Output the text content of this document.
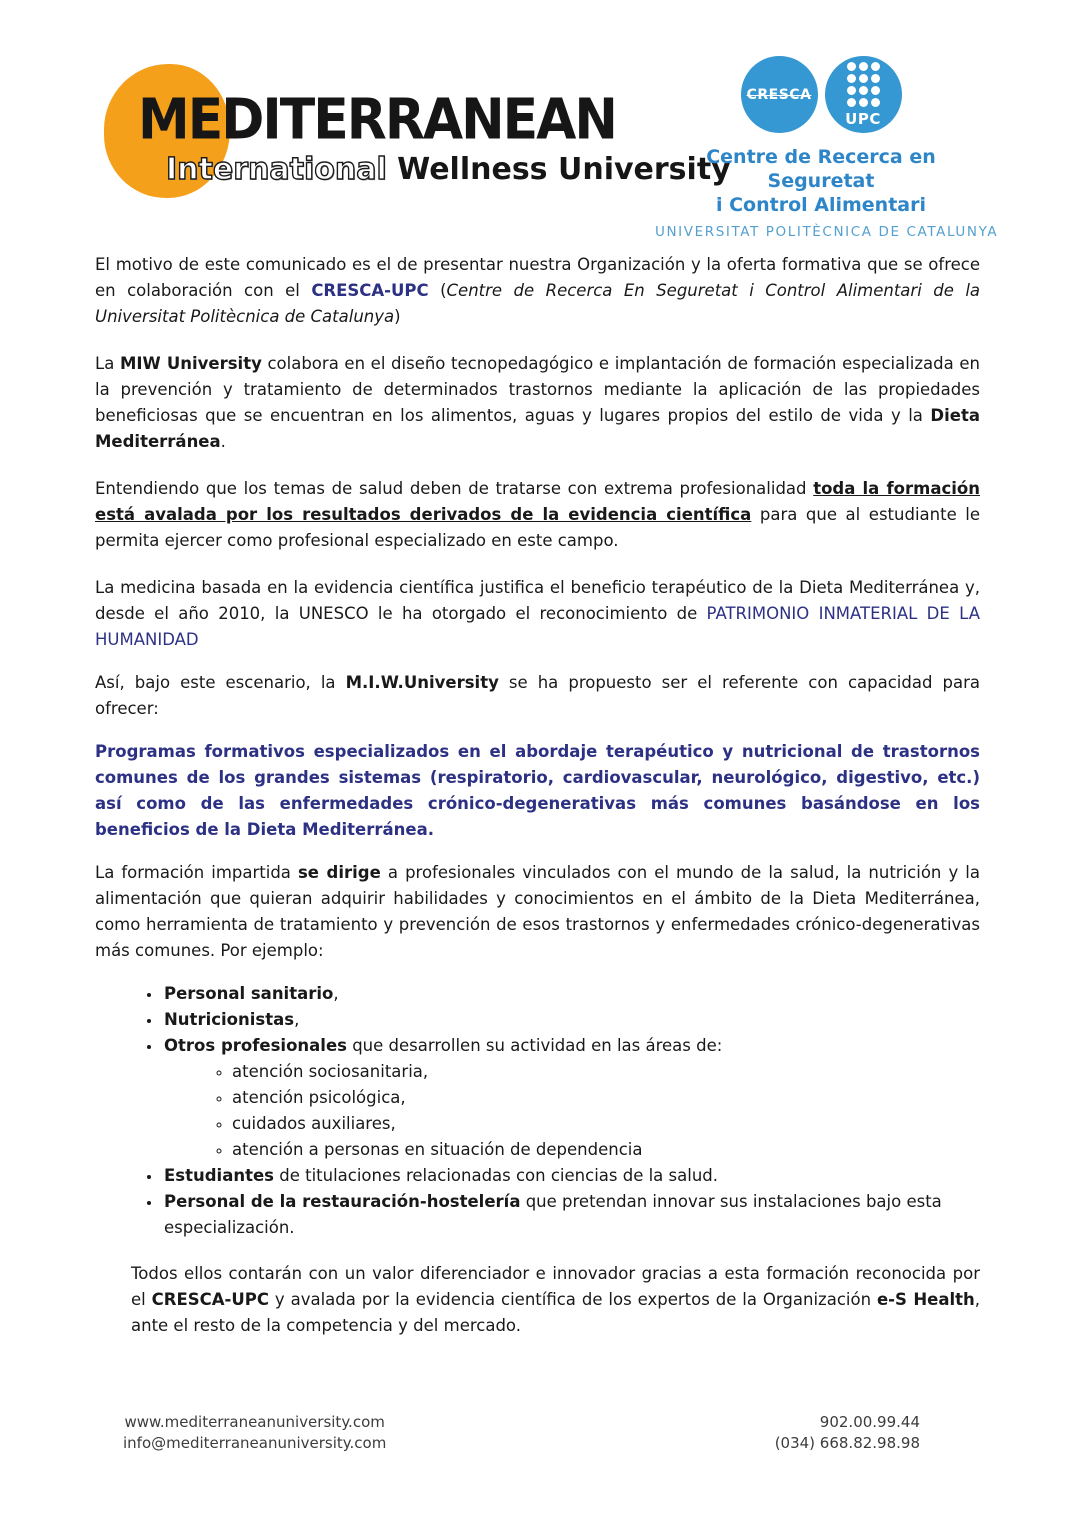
MEDITERRANEAN
International Wellness University
CRESCA
UPC
Centre de Recerca en Seguretat
i Control Alimentari
UNIVERSITAT POLITÈCNICA DE CATALUNYA

El motivo de este comunicado es el de presentar nuestra Organización y la oferta formativa que se ofrece en colaboración con el CRESCA-UPC (Centre de Recerca En Seguretat i Control Alimentari de la Universitat Politècnica de Catalunya)

La MIW University colabora en el diseño tecnopedagógico e implantación de formación especializada en la prevención y tratamiento de determinados trastornos mediante la aplicación de las propiedades beneficiosas que se encuentran en los alimentos, aguas y lugares propios del estilo de vida y la Dieta Mediterránea.

Entendiendo que los temas de salud deben de tratarse con extrema profesionalidad toda la formación está avalada por los resultados derivados de la evidencia científica para que al estudiante le permita ejercer como profesional especializado en este campo.

La medicina basada en la evidencia científica justifica el beneficio terapéutico de la Dieta Mediterránea y, desde el año 2010, la UNESCO le ha otorgado el reconocimiento de PATRIMONIO INMATERIAL DE LA HUMANIDAD

Así, bajo este escenario, la M.I.W.University se ha propuesto ser el referente con capacidad para ofrecer:

Programas formativos especializados en el abordaje terapéutico y nutricional de trastornos comunes de los grandes sistemas (respiratorio, cardiovascular, neurológico, digestivo, etc.) así como de las enfermedades crónico-degenerativas más comunes basándose en los beneficios de la Dieta Mediterránea.

La formación impartida se dirige a profesionales vinculados con el mundo de la salud, la nutrición y la alimentación que quieran adquirir habilidades y conocimientos en el ámbito de la Dieta Mediterránea, como herramienta de tratamiento y prevención de esos trastornos y enfermedades crónico-degenerativas más comunes. Por ejemplo:

• Personal sanitario,
• Nutricionistas,
• Otros profesionales que desarrollen su actividad en las áreas de:
◦ atención sociosanitaria,
◦ atención psicológica,
◦ cuidados auxiliares,
◦ atención a personas en situación de dependencia
• Estudiantes de titulaciones relacionadas con ciencias de la salud.
• Personal de la restauración-hostelería que pretendan innovar sus instalaciones bajo esta especialización.

Todos ellos contarán con un valor diferenciador e innovador gracias a esta formación reconocida por el CRESCA-UPC y avalada por la evidencia científica de los expertos de la Organización e-S Health, ante el resto de la competencia y del mercado.

www.mediterraneanuniversity.com
info@mediterraneanuniversity.com
902.00.99.44
(034) 668.82.98.98
